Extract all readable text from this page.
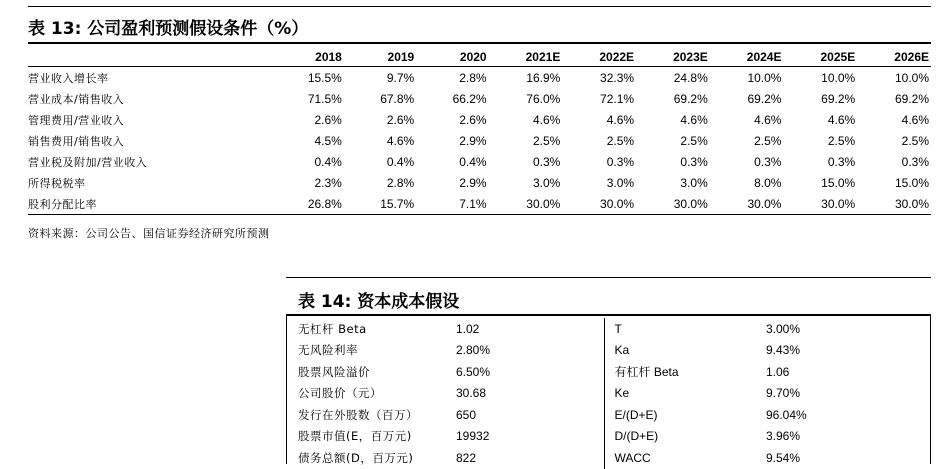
表 13: 公司盈利预测假设条件（%）
	2018	2019	2020	2021E	2022E	2023E	2024E	2025E	2026E
营业收入增长率	15.5%	9.7%	2.8%	16.9%	32.3%	24.8%	10.0%	10.0%	10.0%
营业成本/销售收入	71.5%	67.8%	66.2%	76.0%	72.1%	69.2%	69.2%	69.2%	69.2%
管理费用/营业收入	2.6%	2.6%	2.6%	4.6%	4.6%	4.6%	4.6%	4.6%	4.6%
销售费用/销售收入	4.5%	4.6%	2.9%	2.5%	2.5%	2.5%	2.5%	2.5%	2.5%
营业税及附加/营业收入	0.4%	0.4%	0.4%	0.3%	0.3%	0.3%	0.3%	0.3%	0.3%
所得税税率	2.3%	2.8%	2.9%	3.0%	3.0%	3.0%	8.0%	15.0%	15.0%
股利分配比率	26.8%	15.7%	7.1%	30.0%	30.0%	30.0%	30.0%	30.0%	30.0%
资料来源：公司公告、国信证券经济研究所预测
表 14: 资本成本假设
无杠杆 Beta	1.02	T	3.00%
无风险利率	2.80%	Ka	9.43%
股票风险溢价	6.50%	有杠杆 Beta	1.06
公司股价（元）	30.68	Ke	9.70%
发行在外股数（百万）	650	E/(D+E)	96.04%
股票市值(E，百万元)	19932	D/(D+E)	3.96%
债务总额(D，百万元)	822	WACC	9.54%
